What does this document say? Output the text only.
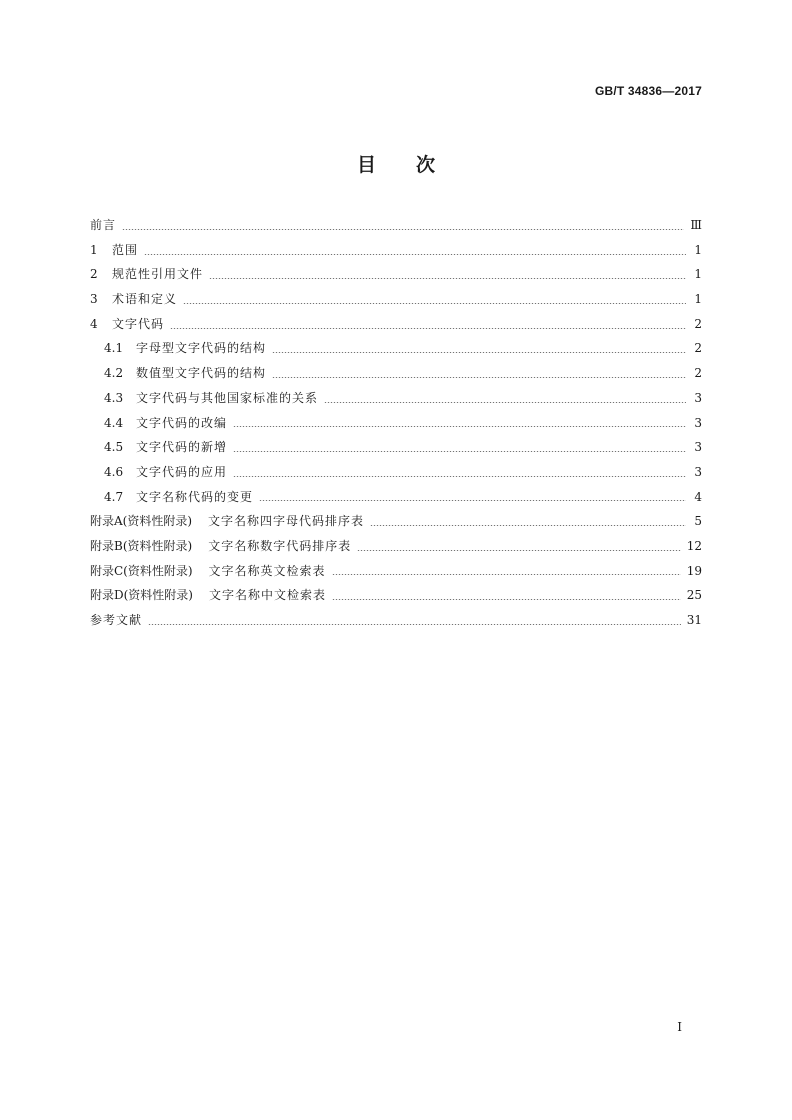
GB/T 34836—2017
目次
前言	Ⅲ
1	范围	1
2	规范性引用文件	1
3	术语和定义	1
4	文字代码	2
4.1	字母型文字代码的结构	2
4.2	数值型文字代码的结构	2
4.3	文字代码与其他国家标准的关系	3
4.4	文字代码的改编	3
4.5	文字代码的新增	3
4.6	文字代码的应用	3
4.7	文字名称代码的变更	4
附录A(资料性附录) 文字名称四字母代码排序表	5
附录B(资料性附录) 文字名称数字代码排序表	12
附录C(资料性附录) 文字名称英文检索表	19
附录D(资料性附录) 文字名称中文检索表	25
参考文献	31
I
